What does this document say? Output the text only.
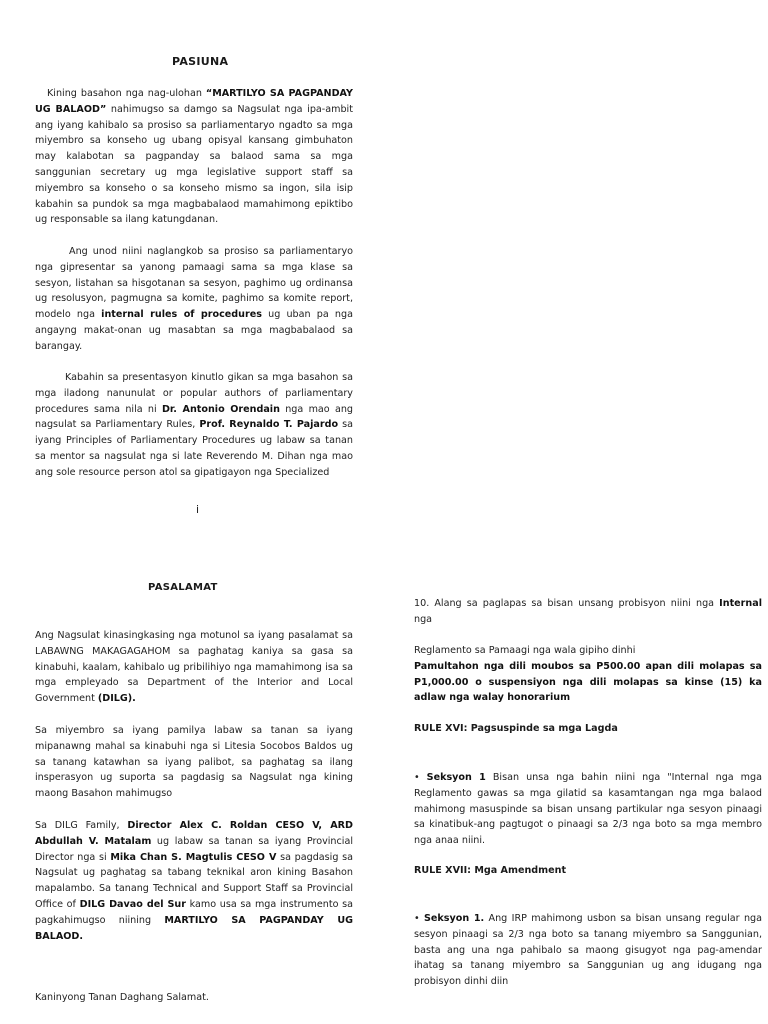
PASIUNA

Kining basahon nga nag-ulohan “MARTILYO SA PAGPANDAY UG BALAOD” nahimugso sa damgo sa Nagsulat nga ipa-ambit ang iyang kahibalo sa prosiso sa parliamentaryo ngadto sa mga miyembro sa konseho ug ubang opisyal kansang gimbuhaton may kalabotan sa pagpanday sa balaod sama sa mga sanggunian secretary ug mga legislative support staff sa miyembro sa konseho o sa konseho mismo sa ingon, sila isip kabahin sa pundok sa mga magbabalaod mamahimong epiktibo ug responsable sa ilang katungdanan.

Ang unod niini naglangkob sa prosiso sa parliamentaryo nga gipresentar sa yanong pamaagi sama sa mga klase sa sesyon, listahan sa hisgotanan sa sesyon, paghimo ug ordinansa ug resolusyon, pagmugna sa komite, paghimo sa komite report, modelo nga internal rules of procedures ug uban pa nga angayng makat-onan ug masabtan sa mga magbabalaod sa barangay.

Kabahin sa presentasyon kinutlo gikan sa mga basahon sa mga iladong nanunulat or popular authors of parliamentary procedures sama nila ni Dr. Antonio Orendain nga mao ang nagsulat sa Parliamentary Rules, Prof. Reynaldo T. Pajardo sa iyang Principles of Parliamentary Procedures ug labaw sa tanan sa mentor sa nagsulat nga si late Reverendo M. Dihan nga mao ang sole resource person atol sa gipatigayon nga Specialized

i
PASALAMAT

Ang Nagsulat kinasingkasing nga motunol sa iyang pasalamat sa LABAWNG MAKAGAGAHOM sa paghatag kaniya sa gasa sa kinabuhi, kaalam, kahibalo ug pribilihiyo nga mamahimong isa sa mga empleyado sa Department of the Interior and Local Government (DILG).

Sa miyembro sa iyang pamilya labaw sa tanan sa iyang mipanawng mahal sa kinabuhi nga si Litesia Socobos Baldos ug sa tanang katawhan sa iyang palibot, sa paghatag sa ilang insperasyon ug suporta sa pagdasig sa Nagsulat nga kining maong Basahon mahimugso

Sa DILG Family, Director Alex C. Roldan CESO V, ARD Abdullah V. Matalam ug labaw sa tanan sa iyang Provincial Director nga si Mika Chan S. Magtulis CESO V sa pagdasig sa Nagsulat ug paghatag sa tabang teknikal aron kining Basahon mapalambo. Sa tanang Technical and Support Staff sa Provincial Office of DILG Davao del Sur kamo usa sa mga instrumento sa pagkahimugso niining MARTILYO SA PAGPANDAY UG BALAOD.

Kaninyong Tanan Daghang Salamat.

10. Alang sa paglapas sa bisan unsang probisyon niini nga Internal nga

Reglamento sa Pamaagi nga wala gipiho dinhi
Pamultahon nga dili moubos sa P500.00 apan dili molapas sa P1,000.00 o suspensiyon nga dili molapas sa kinse (15) ka adlaw nga walay honorarium

RULE XVI: Pagsuspinde sa mga Lagda

• Seksyon 1 Bisan unsa nga bahin niini nga "Internal nga mga Reglamento gawas sa mga gilatid sa kasamtangan nga mga balaod mahimong masuspinde sa bisan unsang partikular nga sesyon pinaagi sa kinatibuk-ang pagtugot o pinaagi sa 2/3 nga boto sa mga membro nga anaa niini.

RULE XVII: Mga Amendment

• Seksyon 1. Ang IRP mahimong usbon sa bisan unsang regular nga sesyon pinaagi sa 2/3 nga boto sa tanang miyembro sa Sanggunian, basta ang una nga pahibalo sa maong gisugyot nga pag-amendar ihatag sa tanang miyembro sa Sanggunian ug ang idugang nga probisyon dinhi diin
